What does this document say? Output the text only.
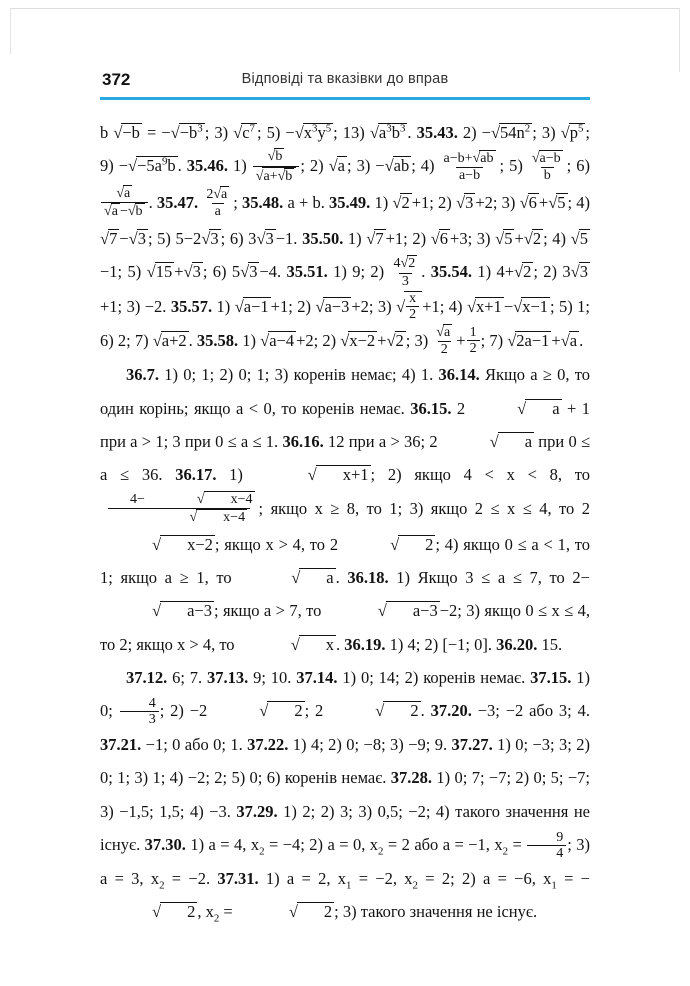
372	Відповіді та вказівки до вправ

b $√-b = -√-b^3$ ; 3) $√c^7$ ; $5) -√x^3y^5$ ; 13) $√a^3b^3$ . 35.43. $2) -√54n^2$ ; 3) $√p^5$ ; $9) -√-5a^9b$ . 35.46. $1) \frac{√b}{√a+√b}$ ; 2) √a ; 3) −√ab ; $4) \frac{a-b+√ab}{a-b}$ ; $5) \frac{√a-b}{b}$ ; 6)
$\frac{√a}{√a -√b}$ . 35.47. $\frac{2√a}{a}$ ; 35.48. a + b. 35.49. 1) √2 +1; 2) √3 +2; 3) √6 +√5 ; 4) √7 −√3 ; 5) 5−2√3 ; 6) 3√3 −1. 35.50. 1) √7 +1; 2) √6 +3; 3) √5 +√2 ; 4) √5−1; 5) √15 +√3 ; 6) 5√3 −4. 35.51. 1) 9; $2) \frac{4√2}{3}$ . 35.54. 1) 4+√2 ; 2) 3√3+1; 3) −2. 35.57. 1) √a−1 +1; 2) √a−3 +2; 3) √ $\frac{x}{2} +1$; 4) √x+1 −√x−1 ; 5) 1; 6) 2; 7) √a+2 . 35.58. 1) √a−4 +2; 2) √x−2 +√2 ; $3) \frac{√a}{2} + \frac{1}{2}$ ; 7) √2a−1 +√a .

36.7. 1) 0; 1; 2) 0; 1; 3) коренів немає; 4) 1. 36.14. Якщо a ≥ 0, то один корінь; якщо a < 0, то коренів немає. 36.15. 2	√ a + 1 при a > 1; 3 при 0 ≤ a ≤ 1. 36.16. 12 при a > 36; 2	√ a при 0 ≤ a ≤ 36. 36.17. 1)	√ x+1 ; 2) якщо 4 < x < 8, то
4−	√ x−4
√ x−4 ; якщо x ≥ 8, то 1; 3) якщо 2 ≤ x ≤ 4, то 2√ x−2 ; якщо x > 4, то 2	√ 2 ; 4) якщо 0 ≤ a < 1, то 1; якщо a ≥ 1, то	√ a . 36.18. 1) Якщо 3 ≤ a ≤ 7, то 2−√ a−3 ; якщо a > 7, то	√ a−3 −2; 3) якщо 0 ≤ x ≤ 4, то 2; якщо x > 4, то	√ x . 36.19. 1) 4; 2) [−1; 0]. 36.20. 15.

37.12. 6; 7. 37.13. 9; 10. 37.14. 1) 0; 14; 2) коренів немає. 37.15. 1) 0; $\frac{4}{3}$ ; 2) −2	√ 2 ; 2	√ 2 . 37.20. −3; −2 або 3; 4. 37.21. −1; 0 або 0; 1. 37.22. 1) 4; 2) 0; −8; 3) −9; 9. 37.27. 1) 0; −3; 3; 2) 0; 1; 3) 1; 4) −2; 2; 5) 0; 6) коренів немає. 37.28. 1) 0; 7; −7; 2) 0; 5; −7; 3) −1,5; 1,5; 4) −3. 37.29. 1) 2; 2) 3; 3) 0,5; −2; 4) такого значення не існує. 37.30. 1) a = 4, $x_2 = -4$; 2) a = 0, $x_2 = 2$ або a = −1, $x_2 = \frac{9}{4}$ ; 3) a = 3, $x_2 = -2$. 37.31. 1) a = 2, $x_1 = -2$, $x_2 = 2$; 2) a = −6, $x_1$ = −√ 2 , $x_2$ =	√ 2 ; 3) такого значення не існує.
